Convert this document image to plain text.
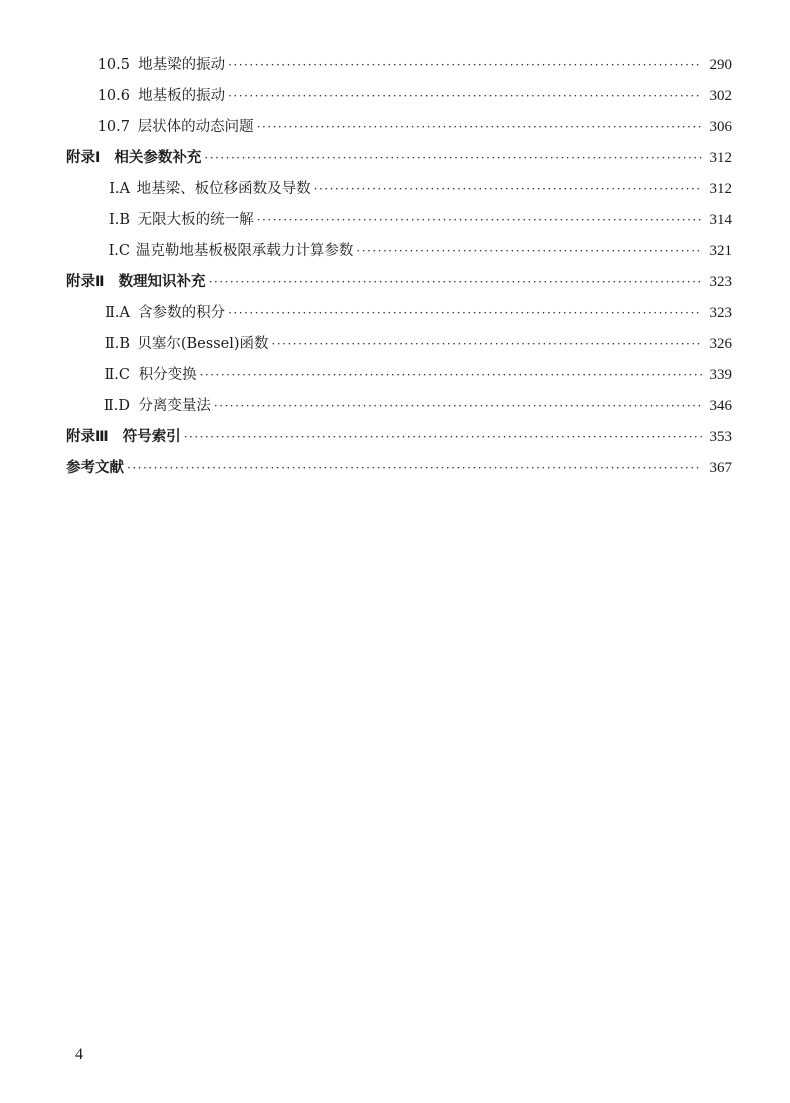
10.5 地基梁的振动 ·····	290
10.6 地基板的振动 ·····	302
10.7 层状体的动态问题 ·····	306
附录Ⅰ 相关参数补充 ·····	312
Ⅰ.A 地基梁、板位移函数及导数 ·····	312
Ⅰ.B 无限大板的统一解 ·····	314
Ⅰ.C 温克勒地基板极限承载力计算参数 ·····	321
附录Ⅱ 数理知识补充 ·····	323
Ⅱ.A 含参数的积分 ·····	323
Ⅱ.B 贝塞尔(Bessel)函数 ·····	326
Ⅱ.C 积分变换 ·····	339
Ⅱ.D 分离变量法 ·····	346
附录Ⅲ 符号索引 ·····	353
参考文献 ·····	367
4
